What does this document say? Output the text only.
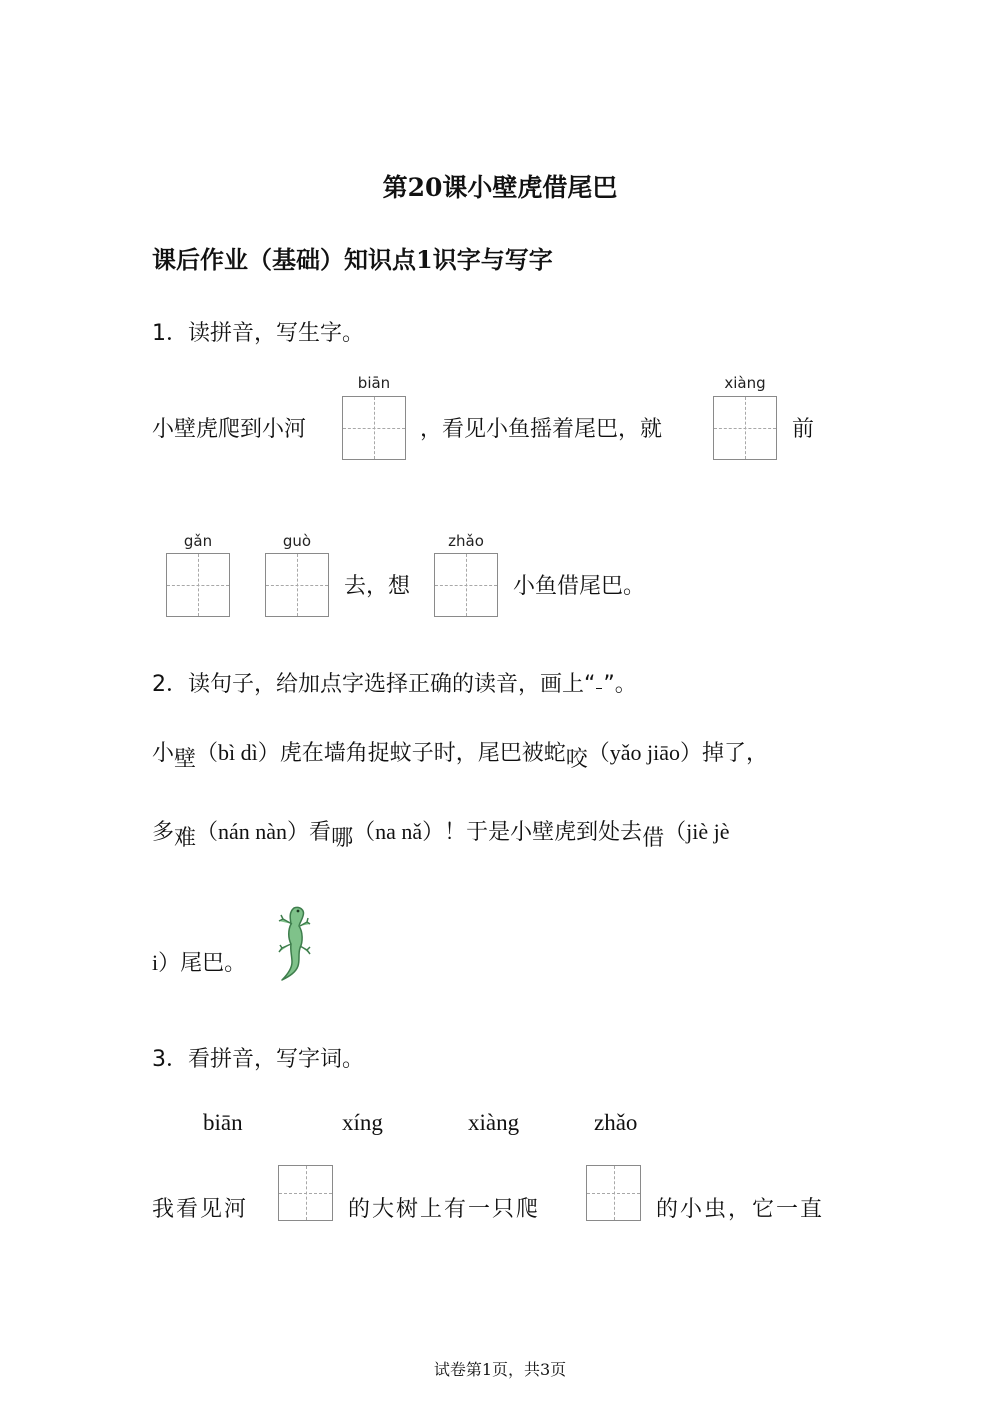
第20课小壁虎借尾巴
课后作业（基础）知识点1识字与写字
1．读拼音，写生字。
biān	xiàng
小壁虎爬到小河	，看见小鱼摇着尾巴，就	前
gǎn	guò	zhǎo
去，想	小鱼借尾巴。
2．读句子，给加点字选择正确的读音，画上“ ”。
小壁（bì dì）虎在墙角捉蚊子时，尾巴被蛇咬（yǎo jiāo）掉了，
多难（nán nàn）看哪（na nǎ）！于是小壁虎到处去借（jiè jè
i）尾巴。
3．看拼音，写字词。
biān	xíng	xiàng	zhǎo
我看见河	的大树上有一只爬	的小虫，它一直
试卷第1页，共3页
